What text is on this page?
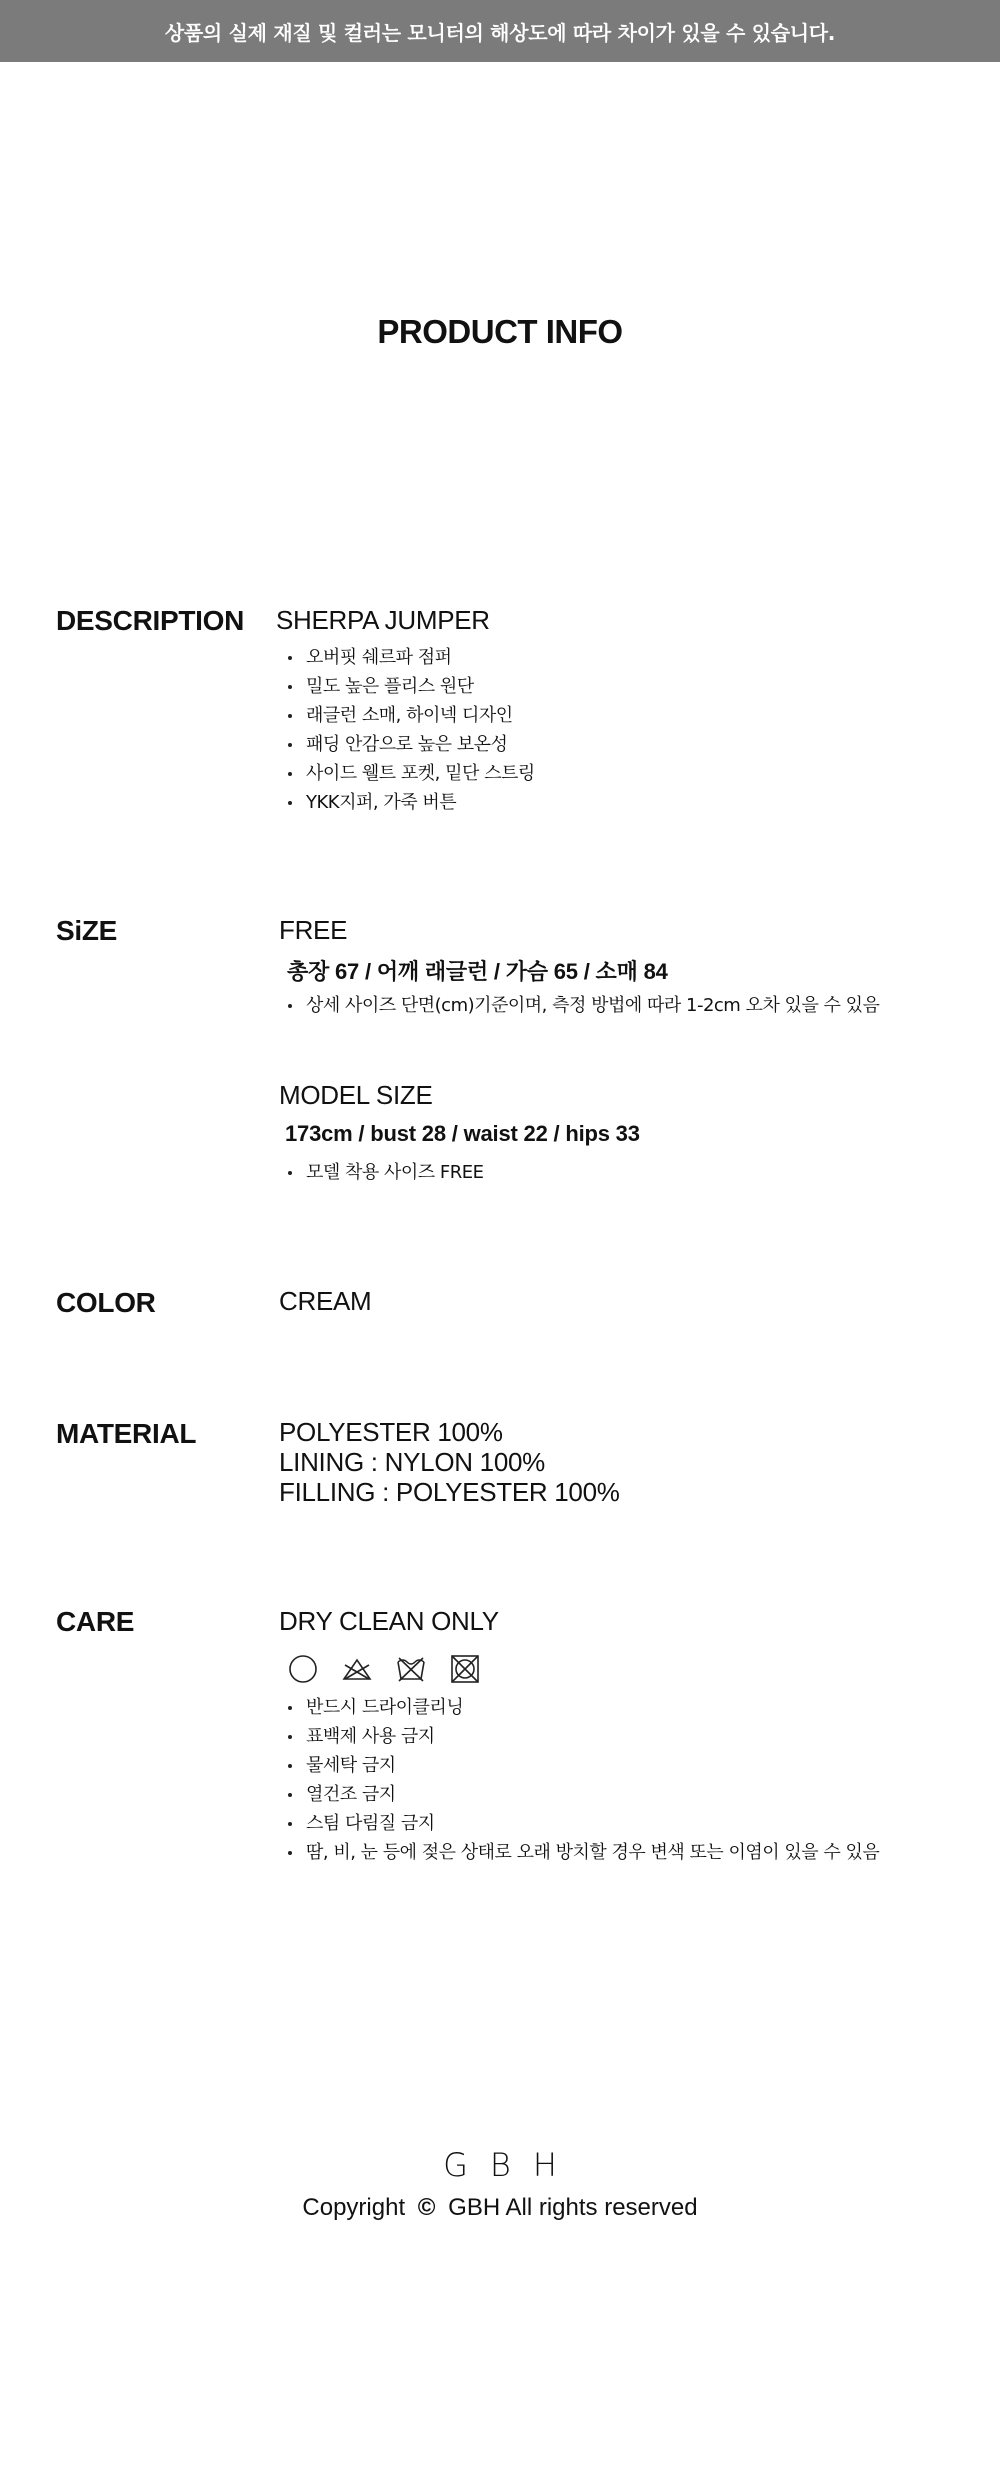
상품의 실제 재질 및 컬러는 모니터의 해상도에 따라 차이가 있을 수 있습니다.
PRODUCT INFO
DESCRIPTION SHERPA JUMPER
오버핏 쉐르파 점퍼
밀도 높은 플리스 원단
래글런 소매, 하이넥 디자인
패딩 안감으로 높은 보온성
사이드 웰트 포켓, 밑단 스트링
YKK지퍼, 가죽 버튼
SiZE	FREE
총장 67 / 어깨 래글런 / 가슴 65 / 소매 84
상세 사이즈 단면(cm)기준이며, 측정 방법에 따라 1-2cm 오차 있을 수 있음
MODEL SIZE
173cm / bust 28 / waist 22 / hips 33
모델 착용 사이즈 FREE
COLOR	CREAM
MATERIAL	POLYESTER 100%
LINING : NYLON 100%
FILLING : POLYESTER 100%
CARE	DRY CLEAN ONLY
반드시 드라이클리닝
표백제 사용 금지
물세탁 금지
열건조 금지
스팀 다림질 금지
땀, 비, 눈 등에 젖은 상태로 오래 방치할 경우 변색 또는 이염이 있을 수 있음
GBH
Copyright © GBH All rights reserved
